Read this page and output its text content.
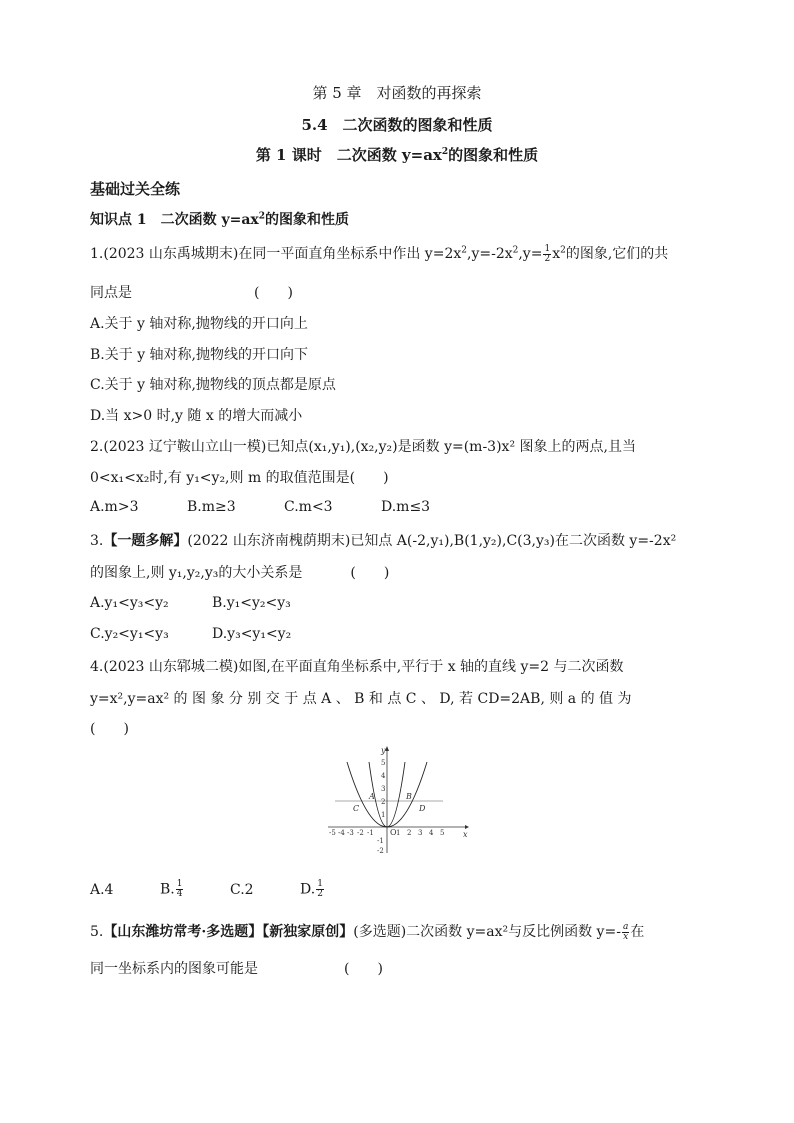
第 5 章　对函数的再探索
5.4　二次函数的图象和性质
第 1 课时　二次函数 $y=ax^2$的图象和性质
基础过关全练
知识点 1　二次函数 $y=ax^2$的图象和性质
1.(2023 山东禹城期末)在同一平面直角坐标系中作出 $y=2x^2,y=-2x^2,y= \frac{1}{2} x^2$的图象,它们的共
同点是	(　　)
A.关于 y 轴对称,抛物线的开口向上
B.关于 y 轴对称,抛物线的开口向下
C.关于 y 轴对称,抛物线的顶点都是原点
D.当 x>0 时,y 随 x 的增大而减小
2.(2023 辽宁鞍山立山一模)已知点(x₁,y₁),(x₂,y₂)是函数 y=(m-3)x² 图象上的两点,且当
0<x₁<x₂时,有 y₁<y₂,则 m 的取值范围是(　　)
A.m>3	B.m≥3	C.m<3	D.m≤3
3.【一题多解】(2022 山东济南槐荫期末)已知点 A(-2,y₁),B(1,y₂),C(3,y₃)在二次函数 y=-2x²
的图象上,则 y₁,y₂,y₃的大小关系是	(　　)
A.y₁<y₃<y₂	B.y₁<y₂<y₃
C.y₂<y₁<y₃	D.y₃<y₁<y₂
4.(2023 山东郓城二模)如图,在平面直角坐标系中,平行于 x 轴的直线 y=2 与二次函数
y=x²,y=ax² 的 图 象 分 别 交 于 点 A 、 B 和 点 C 、 D, 若 CD=2AB, 则 a 的 值 为
(　　)
-5 -4 -3 -2 -1	1 2 3 4 5
5
4
3
2
1
-1
-2
O	x
y
A	B
C	D
A.4	B. $\frac{1}{4}$	C.2	D. $\frac{1}{2}$
5.【山东潍坊常考·多选题】【新独家原创】(多选题)二次函数 y=ax²与反比例函数 $y=- \frac{a}{x}$ 在
同一坐标系内的图象可能是	(　　)
